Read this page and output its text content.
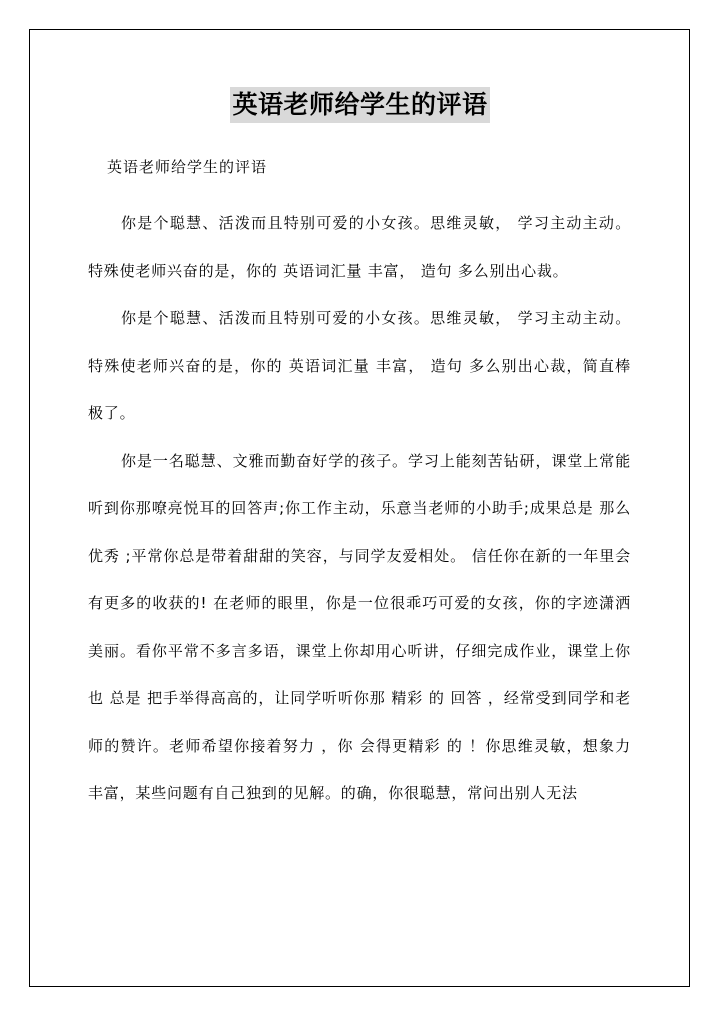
英语老师给学生的评语
英语老师给学生的评语

你是个聪慧、活泼而且特别可爱的小女孩。思维灵敏， 学习主动主动。 特殊使老师兴奋的是，你的 英语词汇量 丰富， 造句 多么别出心裁。

你是个聪慧、活泼而且特别可爱的小女孩。思维灵敏， 学习主动主动。 特殊使老师兴奋的是，你的 英语词汇量 丰富， 造句 多么别出心裁，简直棒极了。

你是一名聪慧、文雅而勤奋好学的孩子。学习上能刻苦钻研，课堂上常能听到你那嘹亮悦耳的回答声;你工作主动，乐意当老师的小助手;成果总是 那么优秀 ;平常你总是带着甜甜的笑容，与同学友爱相处。 信任你在新的一年里会有更多的收获的! 在老师的眼里，你是一位很乖巧可爱的女孩，你的字迹潇洒美丽。看你平常不多言多语，课堂上你却用心听讲，仔细完成作业，课堂上你也 总是 把手举得高高的，让同学听听你那 精彩 的 回答 ，经常受到同学和老师的赞许。老师希望你接着努力 ，你 会得更精彩 的 ！你思维灵敏，想象力丰富，某些问题有自己独到的见解。的确，你很聪慧，常问出别人无法
